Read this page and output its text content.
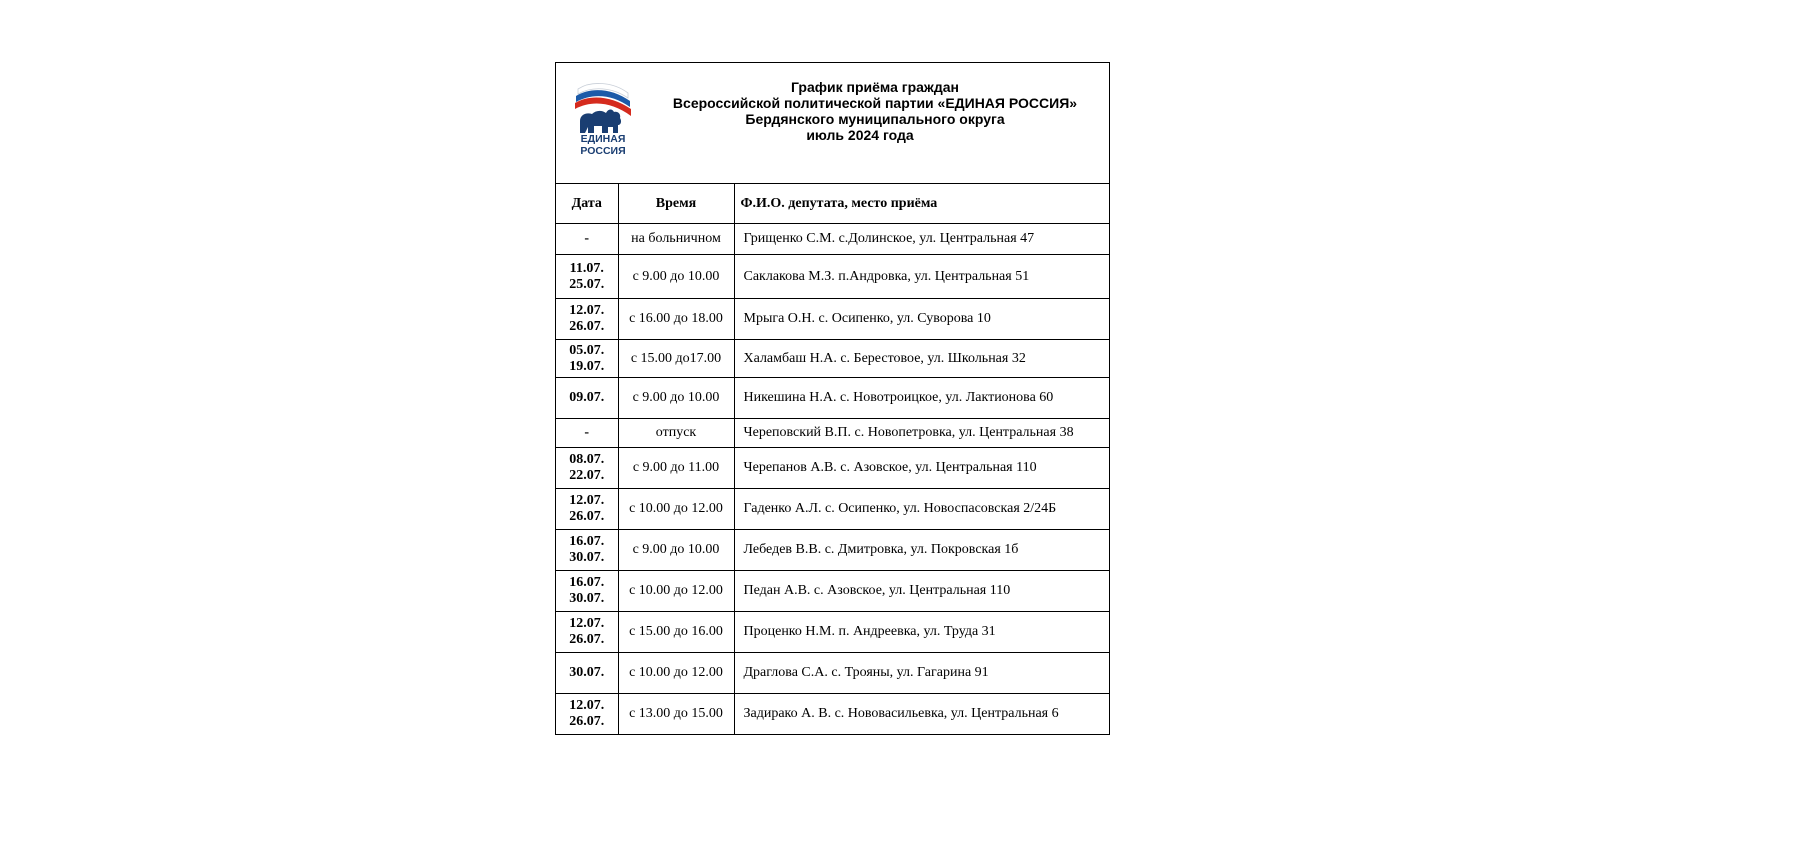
ЕДИНАЯ
РОССИЯ
График приёма граждан
Всероссийской политической партии «ЕДИНАЯ РОССИЯ»
Бердянского муниципального округа
июль 2024 года
Дата	Время	Ф.И.О. депутата, место приёма

-	на больничном	Грищенко С.М. с.Долинское, ул. Центральная 47

11.07.
25.07.	с 9.00 до 10.00	Саклакова М.З. п.Андровка, ул. Центральная 51

12.07.
26.07.	с 16.00 до 18.00	Мрыга О.Н. с. Осипенко, ул. Суворова 10

05.07.
19.07.	с 15.00 до17.00	Халамбаш Н.А. с. Берестовое, ул. Школьная 32

09.07.	с 9.00 до 10.00	Никешина Н.А. с. Новотроицкое, ул. Лактионова 60

-	отпуск	Череповский В.П. с. Новопетровка, ул. Центральная 38

08.07.
22.07.	с 9.00 до 11.00	Черепанов А.В. с. Азовское, ул. Центральная 110

12.07.
26.07.	с 10.00 до 12.00	Гаденко А.Л. с. Осипенко, ул. Новоспасовская 2/24Б

16.07.
30.07.	с 9.00 до 10.00	Лебедев В.В. с. Дмитровка, ул. Покровская 1б

16.07.
30.07.	с 10.00 до 12.00	Педан А.В. с. Азовское, ул. Центральная 110

12.07.
26.07.	с 15.00 до 16.00	Проценко Н.М. п. Андреевка, ул. Труда 31

30.07.	с 10.00 до 12.00	Драглова С.А. с. Трояны, ул. Гагарина 91

12.07.
26.07.	с 13.00 до 15.00	Задирако А. В. с. Нововасильевка, ул. Центральная 6
